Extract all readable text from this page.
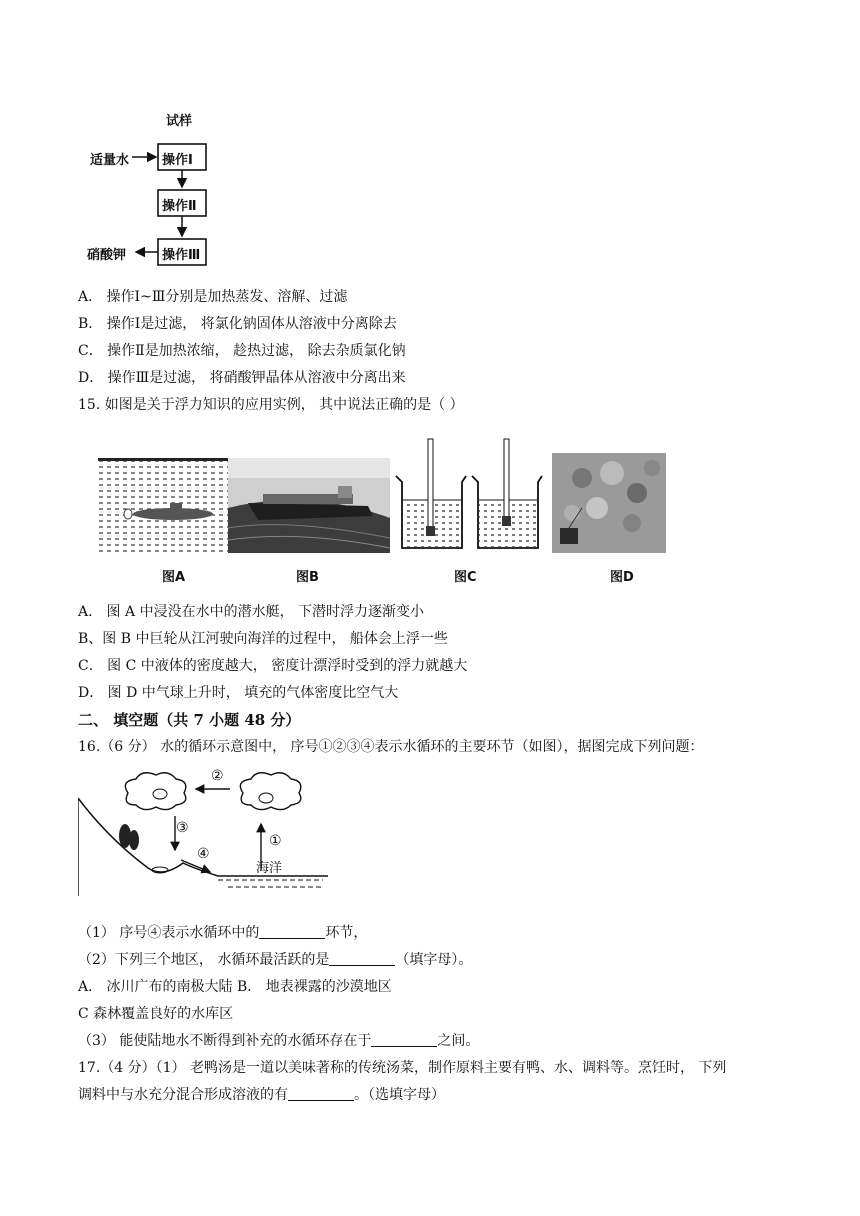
试样
适量水	操作Ⅰ
操作Ⅱ
操作Ⅲ
硝酸钾
A． 操作Ⅰ~Ⅲ分别是加热蒸发、溶解、过滤
B． 操作Ⅰ是过滤， 将氯化钠固体从溶液中分离除去
C． 操作Ⅱ是加热浓缩， 趁热过滤， 除去杂质氯化钠
D． 操作Ⅲ是过滤， 将硝酸钾晶体从溶液中分离出来
15. 如图是关于浮力知识的应用实例， 其中说法正确的是（ ）
图A	图B	图C	图D
A． 图 A 中浸没在水中的潜水艇， 下潜时浮力逐渐变小
B、图 B 中巨轮从江河驶向海洋的过程中， 船体会上浮一些
C． 图 C 中液体的密度越大， 密度计漂浮时受到的浮力就越大
D． 图 D 中气球上升时， 填充的气体密度比空气大
二、 填空题（共 7 小题 48 分）
16.（6 分） 水的循环示意图中， 序号①②③④表示水循环的主要环节（如图），据图完成下列问题：
②
③
①
④
海洋
（1） 序号④表示水循环中的	环节，
（2）下列三个地区， 水循环最活跃的是	（填字母）。
A． 冰川广布的南极大陆 B． 地表裸露的沙漠地区
C 森林覆盖良好的水库区
（3） 能使陆地水不断得到补充的水循环存在于	之间。
17.（4 分）（1） 老鸭汤是一道以美味著称的传统汤菜，制作原料主要有鸭、水、调料等。烹饪时， 下列
调料中与水充分混合形成溶液的有	。（选填字母）
